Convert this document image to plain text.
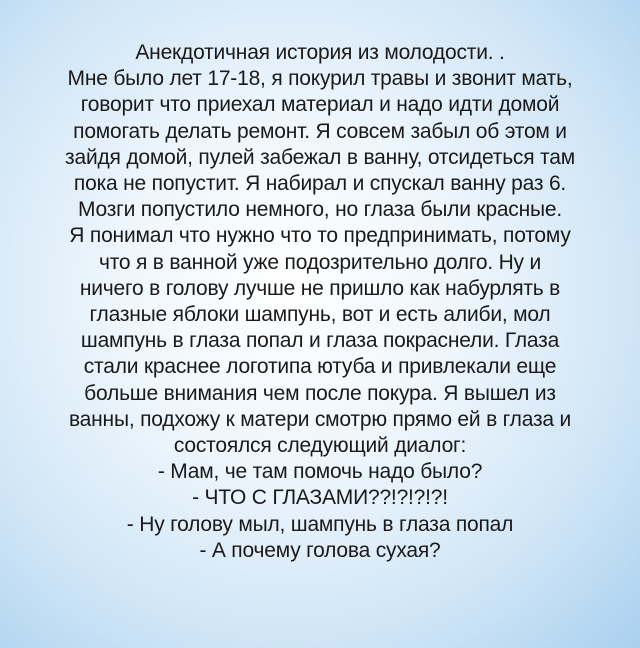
Анекдотичная история из молодости. .
Мне было лет 17-18, я покурил травы и звонит мать,
говорит что приехал материал и надо идти домой
помогать делать ремонт. Я совсем забыл об этом и
зайдя домой, пулей забежал в ванну, отсидеться там
пока не попустит. Я набирал и спускал ванну раз 6.
Мозги попустило немного, но глаза были красные.
Я понимал что нужно что то предпринимать, потому
что я в ванной уже подозрительно долго. Ну и
ничего в голову лучше не пришло как набурлять в
глазные яблоки шампунь, вот и есть алиби, мол
шампунь в глаза попал и глаза покраснели. Глаза
стали краснее логотипа ютуба и привлекали еще
больше внимания чем после покура. Я вышел из
ванны, подхожу к матери смотрю прямо ей в глаза и
состоялся следующий диалог:
- Мам, че там помочь надо было?
- ЧТО С ГЛАЗАМИ??!?!?!?!
- Ну голову мыл, шампунь в глаза попал
- А почему голова сухая?
